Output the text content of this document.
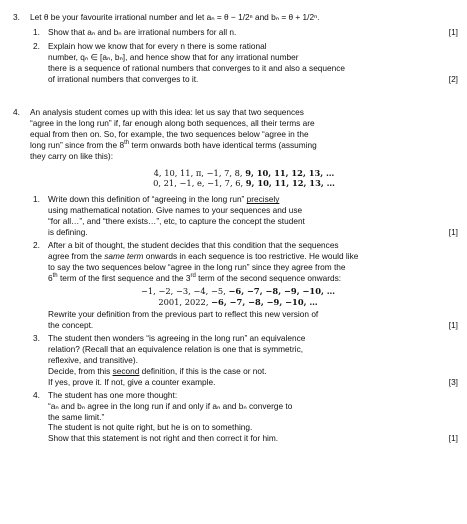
3.	Let θ be your favourite irrational number and let aₙ = θ − 1/2ⁿ and bₙ = θ + 1/2ⁿ.

1. Show that aₙ and bₙ are irrational numbers for all n.	[1]
2. Explain how we know that for every n there is some rational

number, qₙ ∈ [aₙ, bₙ], and hence show that for any irrational number

there is a sequence of rational numbers that converges to it and also a sequence

of irrational numbers that converges to it.	[2]
4.	An analysis student comes up with this idea: let us say that two sequences

“agree in the long run” if, far enough along both sequences, all their terms are

equal from then on. So, for example, the two sequences below “agree in the

long run” since from the 8th term onwards both have identical terms (assuming

they carry on like this):

4, 10, 11, π, −1, 7, 8, 9, 10, 11, 12, 13, …

0, 21, −1, e, −1, 7, 6, 9, 10, 11, 12, 13, …

1. Write down this definition of “agreeing in the long run” precisely

using mathematical notation. Give names to your sequences and use

“for all…”, and “there exists…”, etc, to capture the concept the student

is defining.	[1]
2. After a bit of thought, the student decides that this condition that the sequences

agree from the same term onwards in each sequence is too restrictive. He would like

to say the two sequences below “agree in the long run” since they agree from the

6th term of the first sequence and the 3rd term of the second sequence onwards:

−1, −2, −3, −4, −5, −6, −7, −8, −9, −10, …

2001, 2022, −6, −7, −8, −9, −10, …

Rewrite your definition from the previous part to reflect this new version of

the concept.	[1]
3. The student then wonders “is agreeing in the long run” an equivalence

relation? (Recall that an equivalence relation is one that is symmetric,

reflexive, and transitive).

Decide, from this second definition, if this is the case or not.

If yes, prove it. If not, give a counter example.	[3]
4. The student has one more thought:

“aₙ and bₙ agree in the long run if and only if aₙ and bₙ converge to

the same limit.”

The student is not quite right, but he is on to something.

Show that this statement is not right and then correct it for him.	[1]
